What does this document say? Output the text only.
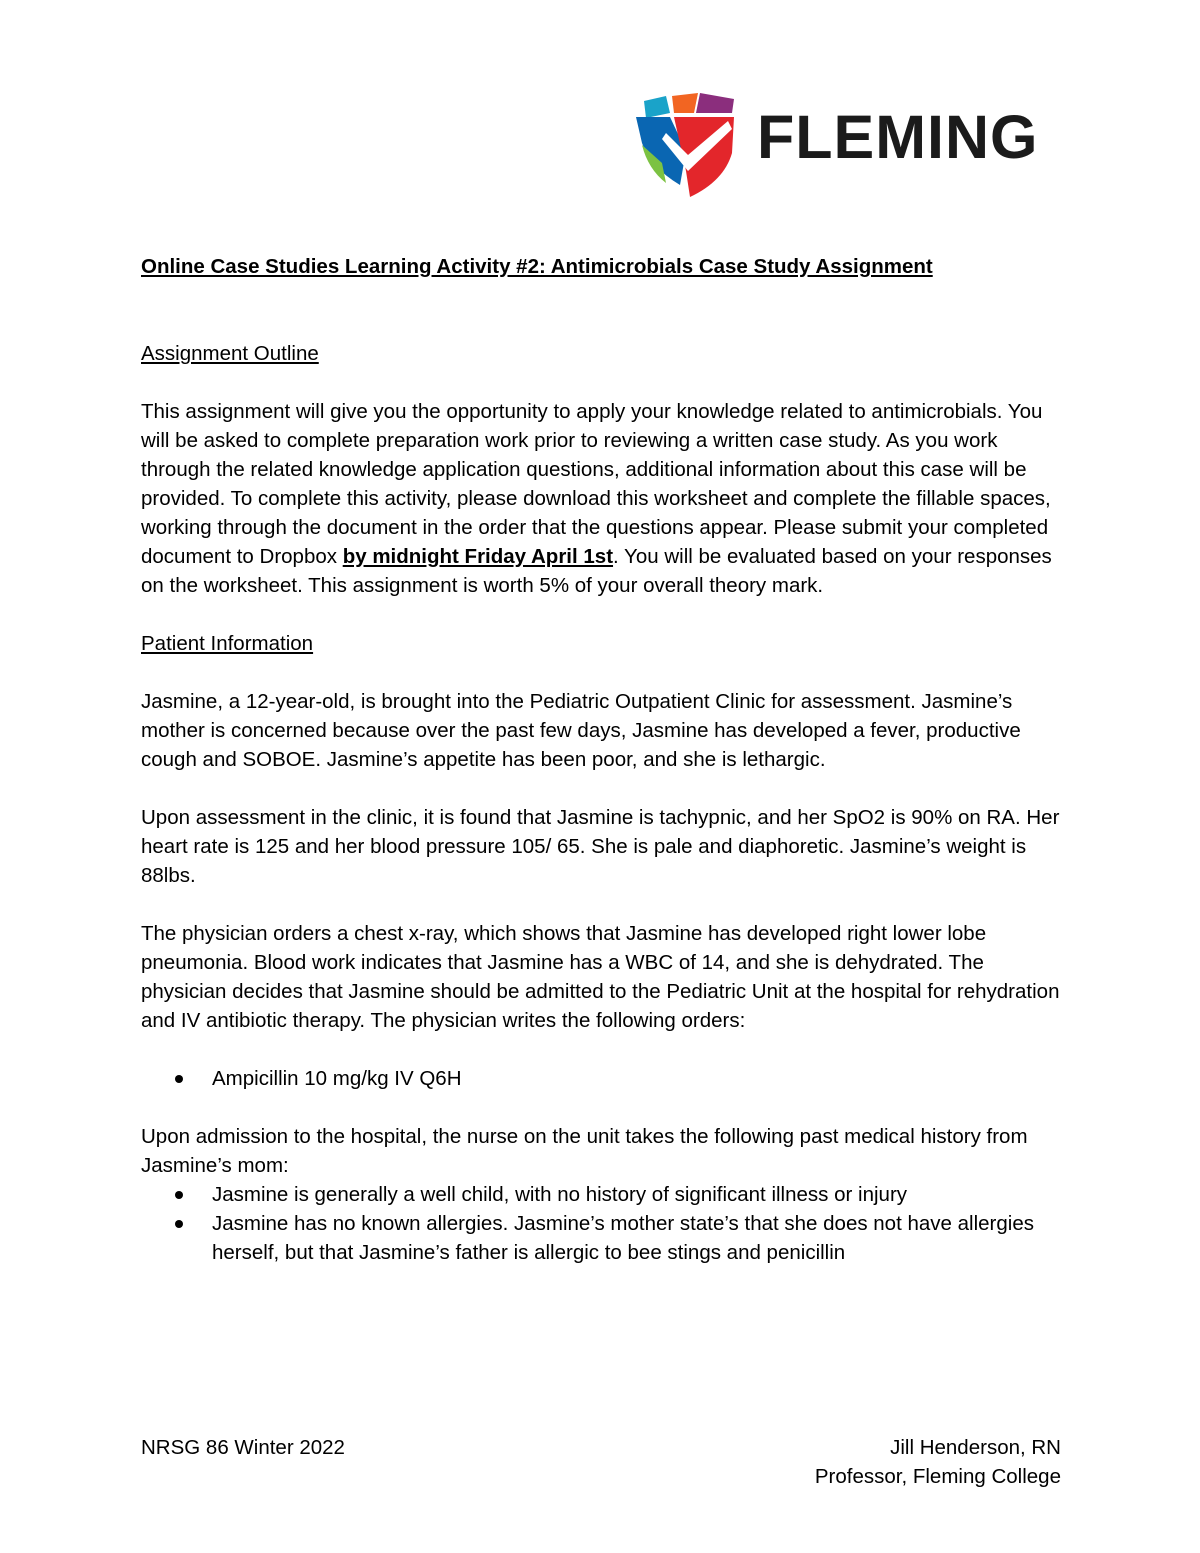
FLEMING

Online Case Studies Learning Activity #2: Antimicrobials Case Study Assignment

Assignment Outline

This assignment will give you the opportunity to apply your knowledge related to antimicrobials. You will be asked to complete preparation work prior to reviewing a written case study. As you work through the related knowledge application questions, additional information about this case will be provided. To complete this activity, please download this worksheet and complete the fillable spaces, working through the document in the order that the questions appear. Please submit your completed document to Dropbox by midnight Friday April 1st. You will be evaluated based on your responses on the worksheet. This assignment is worth 5% of your overall theory mark.

Patient Information

Jasmine, a 12-year-old, is brought into the Pediatric Outpatient Clinic for assessment. Jasmine’s mother is concerned because over the past few days, Jasmine has developed a fever, productive cough and SOBOE. Jasmine’s appetite has been poor, and she is lethargic.

Upon assessment in the clinic, it is found that Jasmine is tachypnic, and her SpO2 is 90% on RA. Her heart rate is 125 and her blood pressure 105/ 65. She is pale and diaphoretic. Jasmine’s weight is 88lbs.

The physician orders a chest x-ray, which shows that Jasmine has developed right lower lobe pneumonia. Blood work indicates that Jasmine has a WBC of 14, and she is dehydrated. The physician decides that Jasmine should be admitted to the Pediatric Unit at the hospital for rehydration and IV antibiotic therapy. The physician writes the following orders:

Ampicillin 10 mg/kg IV Q6H

Upon admission to the hospital, the nurse on the unit takes the following past medical history from Jasmine’s mom:

Jasmine is generally a well child, with no history of significant illness or injury
Jasmine has no known allergies. Jasmine’s mother state’s that she does not have allergies herself, but that Jasmine’s father is allergic to bee stings and penicillin
NRSG 86 Winter 2022	Jill Henderson, RN
Professor, Fleming College
